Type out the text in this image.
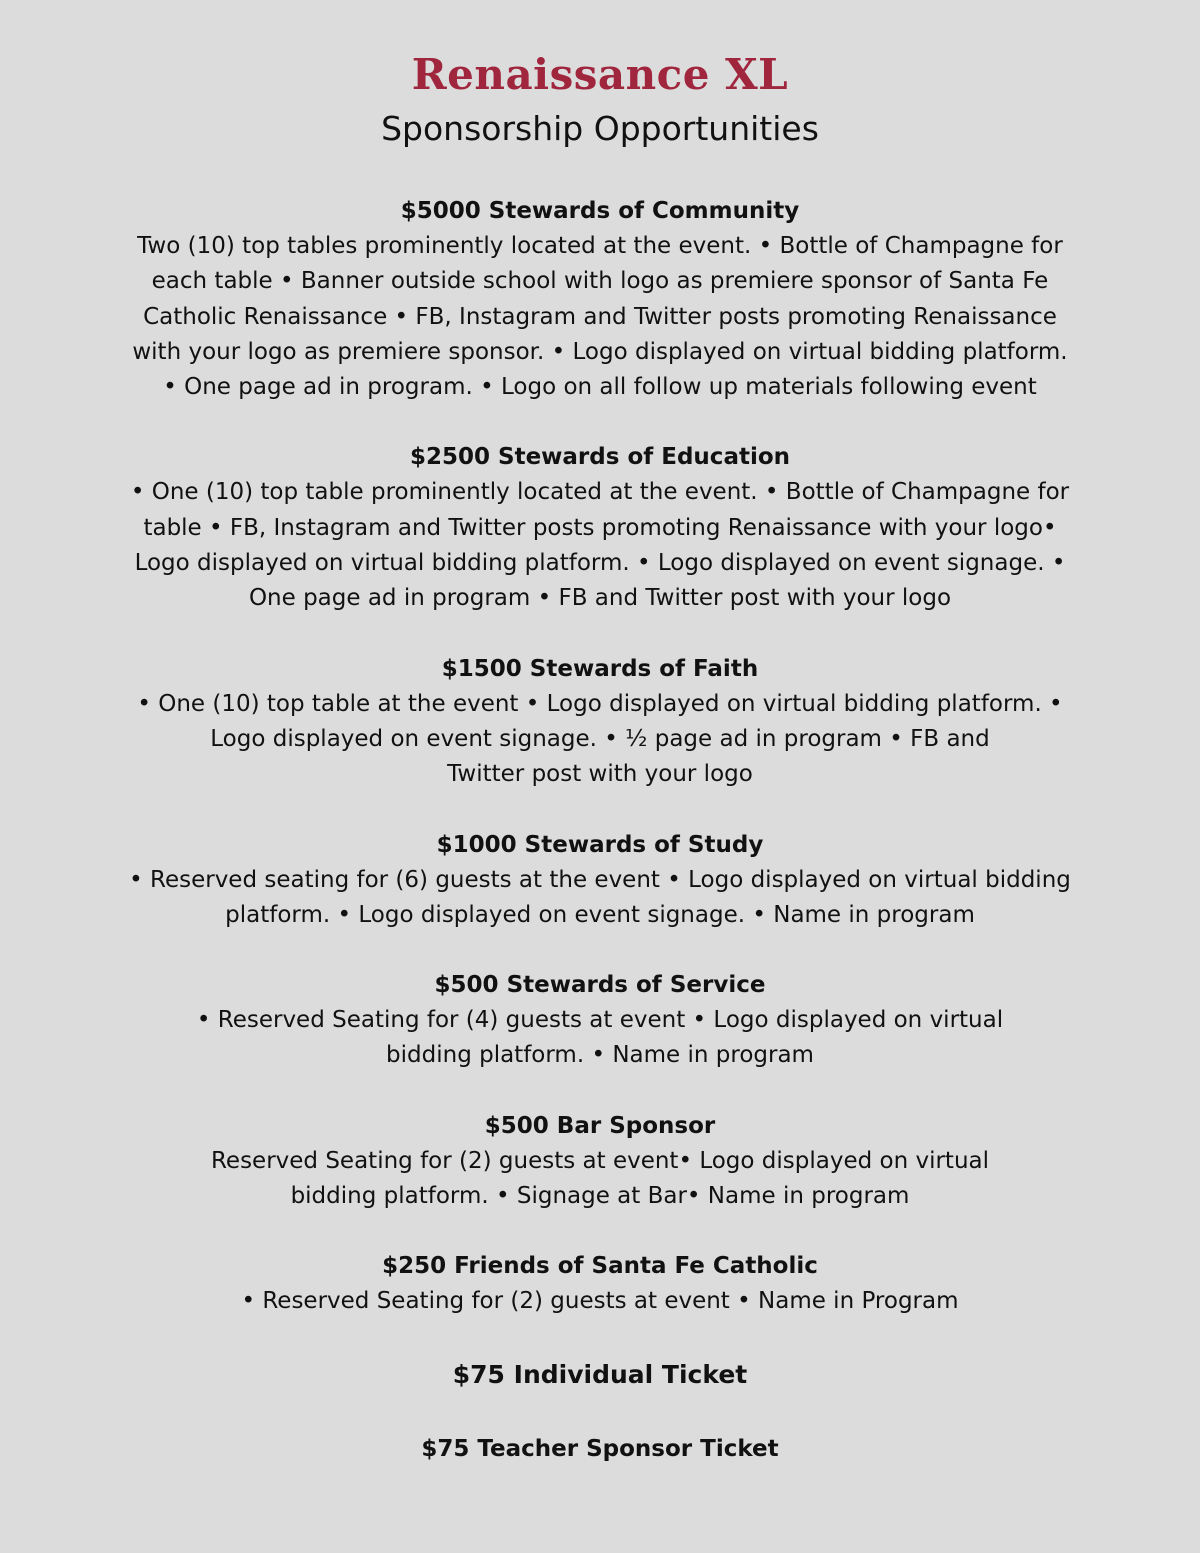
Renaissance XL
Sponsorship Opportunities

$5000 Stewards of Community

Two (10) top tables prominently located at the event. • Bottle of Champagne for
each table • Banner outside school with logo as premiere sponsor of Santa Fe
Catholic Renaissance • FB, Instagram and Twitter posts promoting Renaissance
with your logo as premiere sponsor. • Logo displayed on virtual bidding platform.
• One page ad in program. • Logo on all follow up materials following event

$2500 Stewards of Education

• One (10) top table prominently located at the event. • Bottle of Champagne for
table • FB, Instagram and Twitter posts promoting Renaissance with your logo•
Logo displayed on virtual bidding platform. • Logo displayed on event signage. •
One page ad in program • FB and Twitter post with your logo

$1500 Stewards of Faith

• One (10) top table at the event • Logo displayed on virtual bidding platform. •
Logo displayed on event signage. • ½ page ad in program • FB and
Twitter post with your logo

$1000 Stewards of Study

• Reserved seating for (6) guests at the event • Logo displayed on virtual bidding
platform. • Logo displayed on event signage. • Name in program

$500 Stewards of Service

• Reserved Seating for (4) guests at event • Logo displayed on virtual
bidding platform. • Name in program

$500 Bar Sponsor

Reserved Seating for (2) guests at event• Logo displayed on virtual
bidding platform. • Signage at Bar• Name in program

$250 Friends of Santa Fe Catholic

• Reserved Seating for (2) guests at event • Name in Program

$75 Individual Ticket

$75 Teacher Sponsor Ticket
